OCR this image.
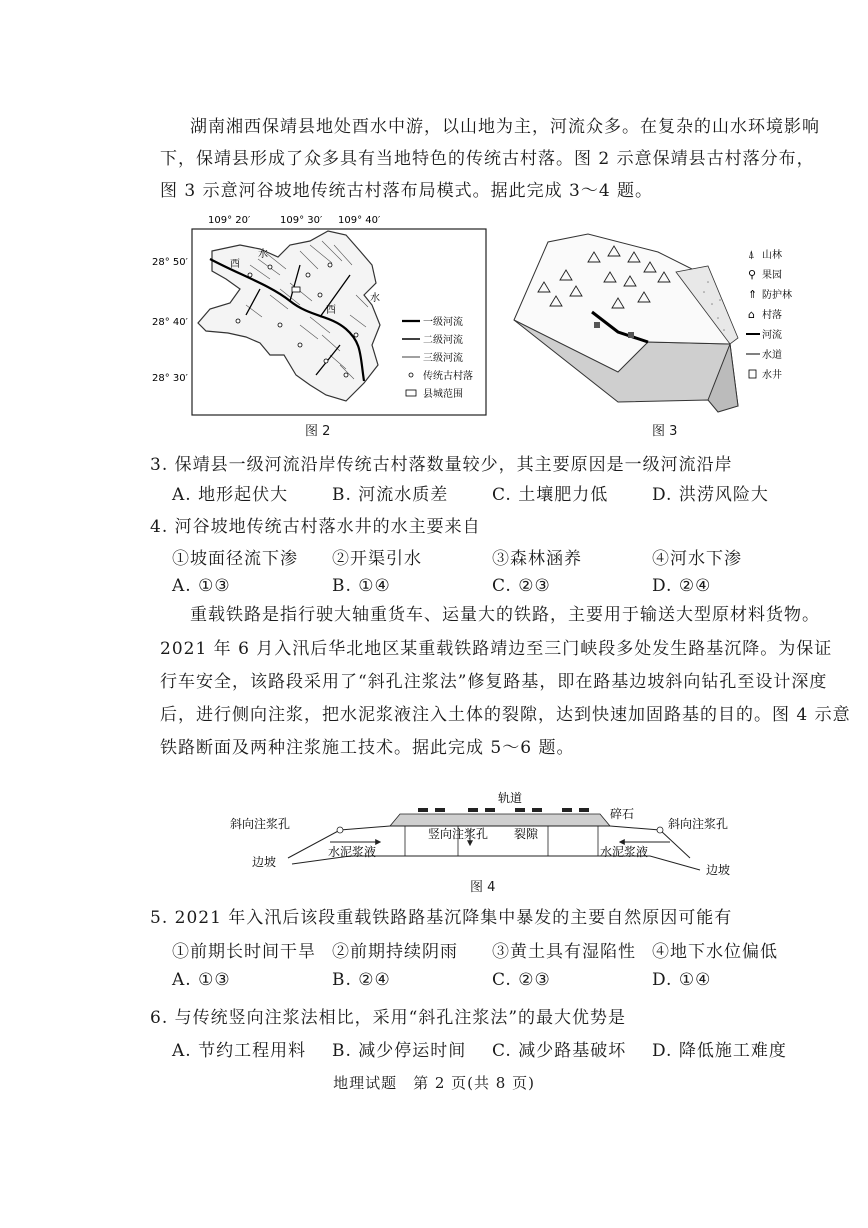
湖南湘西保靖县地处酉水中游，以山地为主，河流众多。在复杂的山水环境影响
下，保靖县形成了众多具有当地特色的传统古村落。图 2 示意保靖县古村落分布，
图 3 示意河谷坡地传统古村落布局模式。据此完成 3～4 题。
109° 20′	109° 30′ 109° 40′
28° 50′
28° 40′
28° 30′
酉
水
酉
水
一级河流
二级河流
三级河流
传统古村落
县城范围
图 2
⍋ 山林
⚲ 果园
⇑ 防护林
⌂ 村落
河流
水道
水井
图 3
3. 保靖县一级河流沿岸传统古村落数量较少，其主要原因是一级河流沿岸
A. 地形起伏大	B. 河流水质差	C. 土壤肥力低	D. 洪涝风险大
4. 河谷坡地传统古村落水井的水主要来自
①坡面径流下渗 ②开渠引水	③森林涵养	④河水下渗
A. ①③	B. ①④	C. ②③	D. ②④
重载铁路是指行驶大轴重货车、运量大的铁路，主要用于输送大型原材料货物。
2021 年 6 月入汛后华北地区某重载铁路靖边至三门峡段多处发生路基沉降。为保证
行车安全，该路段采用了“斜孔注浆法”修复路基，即在路基边坡斜向钻孔至设计深度
后，进行侧向注浆，把水泥浆液注入土体的裂隙，达到快速加固路基的目的。图 4 示意
铁路断面及两种注浆施工技术。据此完成 5～6 题。
轨道
碎石
斜向注浆孔	斜向注浆孔
竖向注浆孔 裂隙
水泥浆液	水泥浆液
边坡
边坡
图 4
5. 2021 年入汛后该段重载铁路路基沉降集中暴发的主要自然原因可能有
①前期长时间干旱 ②前期持续阴雨 ③黄土具有湿陷性 ④地下水位偏低
A. ①③	B. ②④	C. ②③	D. ①④
6. 与传统竖向注浆法相比，采用“斜孔注浆法”的最大优势是
A. 节约工程用料 B. 减少停运时间 C. 减少路基破坏 D. 降低施工难度
地理试题　第 2 页(共 8 页)
